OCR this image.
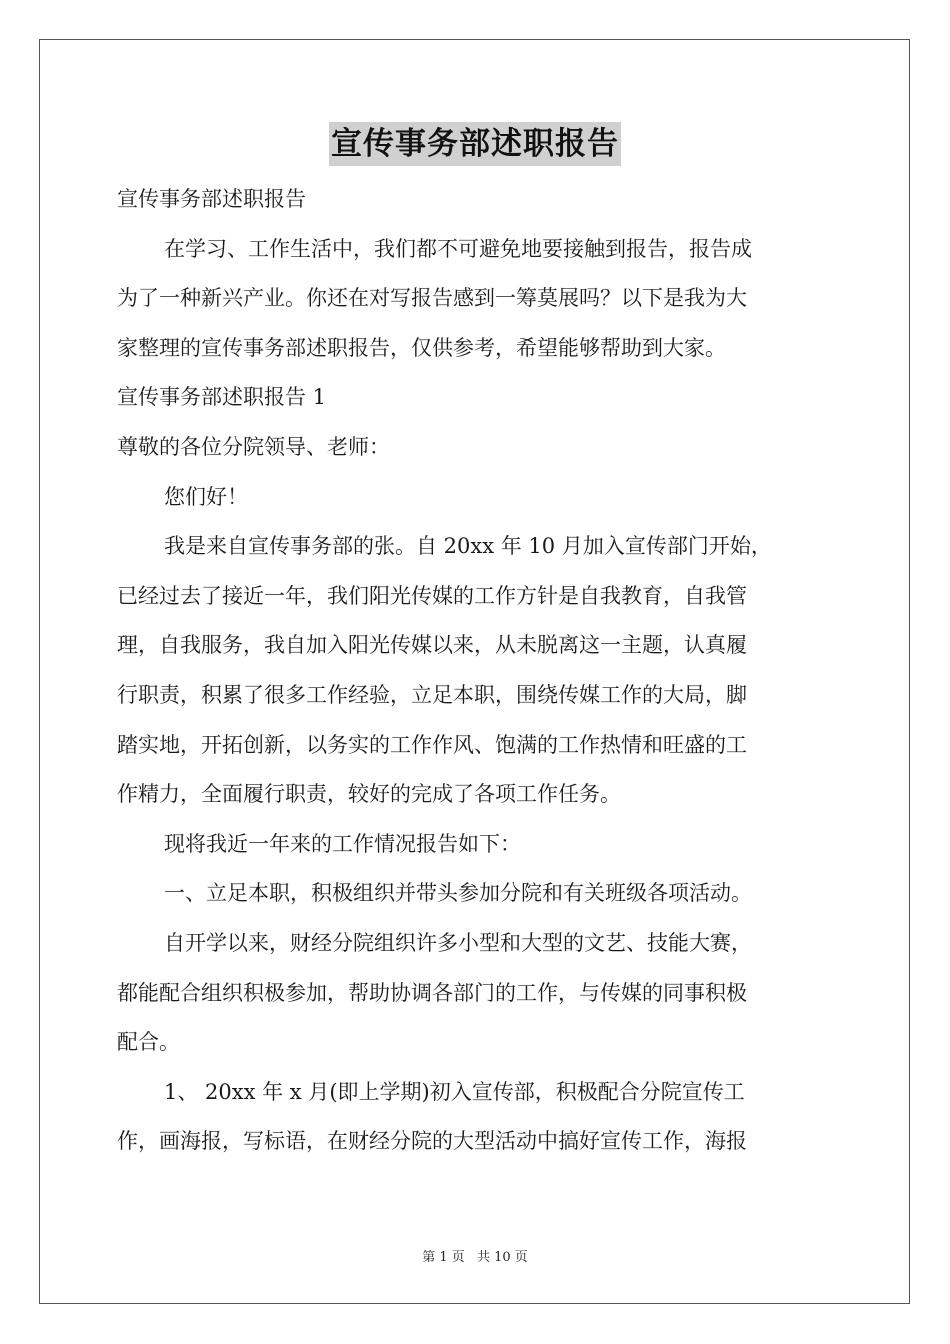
宣传事务部述职报告

宣传事务部述职报告

在学习、工作生活中，我们都不可避免地要接触到报告，报告成

为了一种新兴产业。你还在对写报告感到一筹莫展吗？以下是我为大

家整理的宣传事务部述职报告，仅供参考，希望能够帮助到大家。

宣传事务部述职报告 1

尊敬的各位分院领导、老师：

您们好！

我是来自宣传事务部的张。自 20xx 年 10 月加入宣传部门开始，

已经过去了接近一年，我们阳光传媒的工作方针是自我教育，自我管

理，自我服务，我自加入阳光传媒以来，从未脱离这一主题，认真履

行职责，积累了很多工作经验，立足本职，围绕传媒工作的大局，脚

踏实地，开拓创新，以务实的工作作风、饱满的工作热情和旺盛的工

作精力，全面履行职责，较好的完成了各项工作任务。

现将我近一年来的工作情况报告如下：

一、立足本职，积极组织并带头参加分院和有关班级各项活动。

自开学以来，财经分院组织许多小型和大型的文艺、技能大赛，

都能配合组织积极参加，帮助协调各部门的工作，与传媒的同事积极

配合。

1、 20xx 年 x 月(即上学期)初入宣传部，积极配合分院宣传工

作，画海报，写标语，在财经分院的大型活动中搞好宣传工作，海报

第 1 页 共 10 页
